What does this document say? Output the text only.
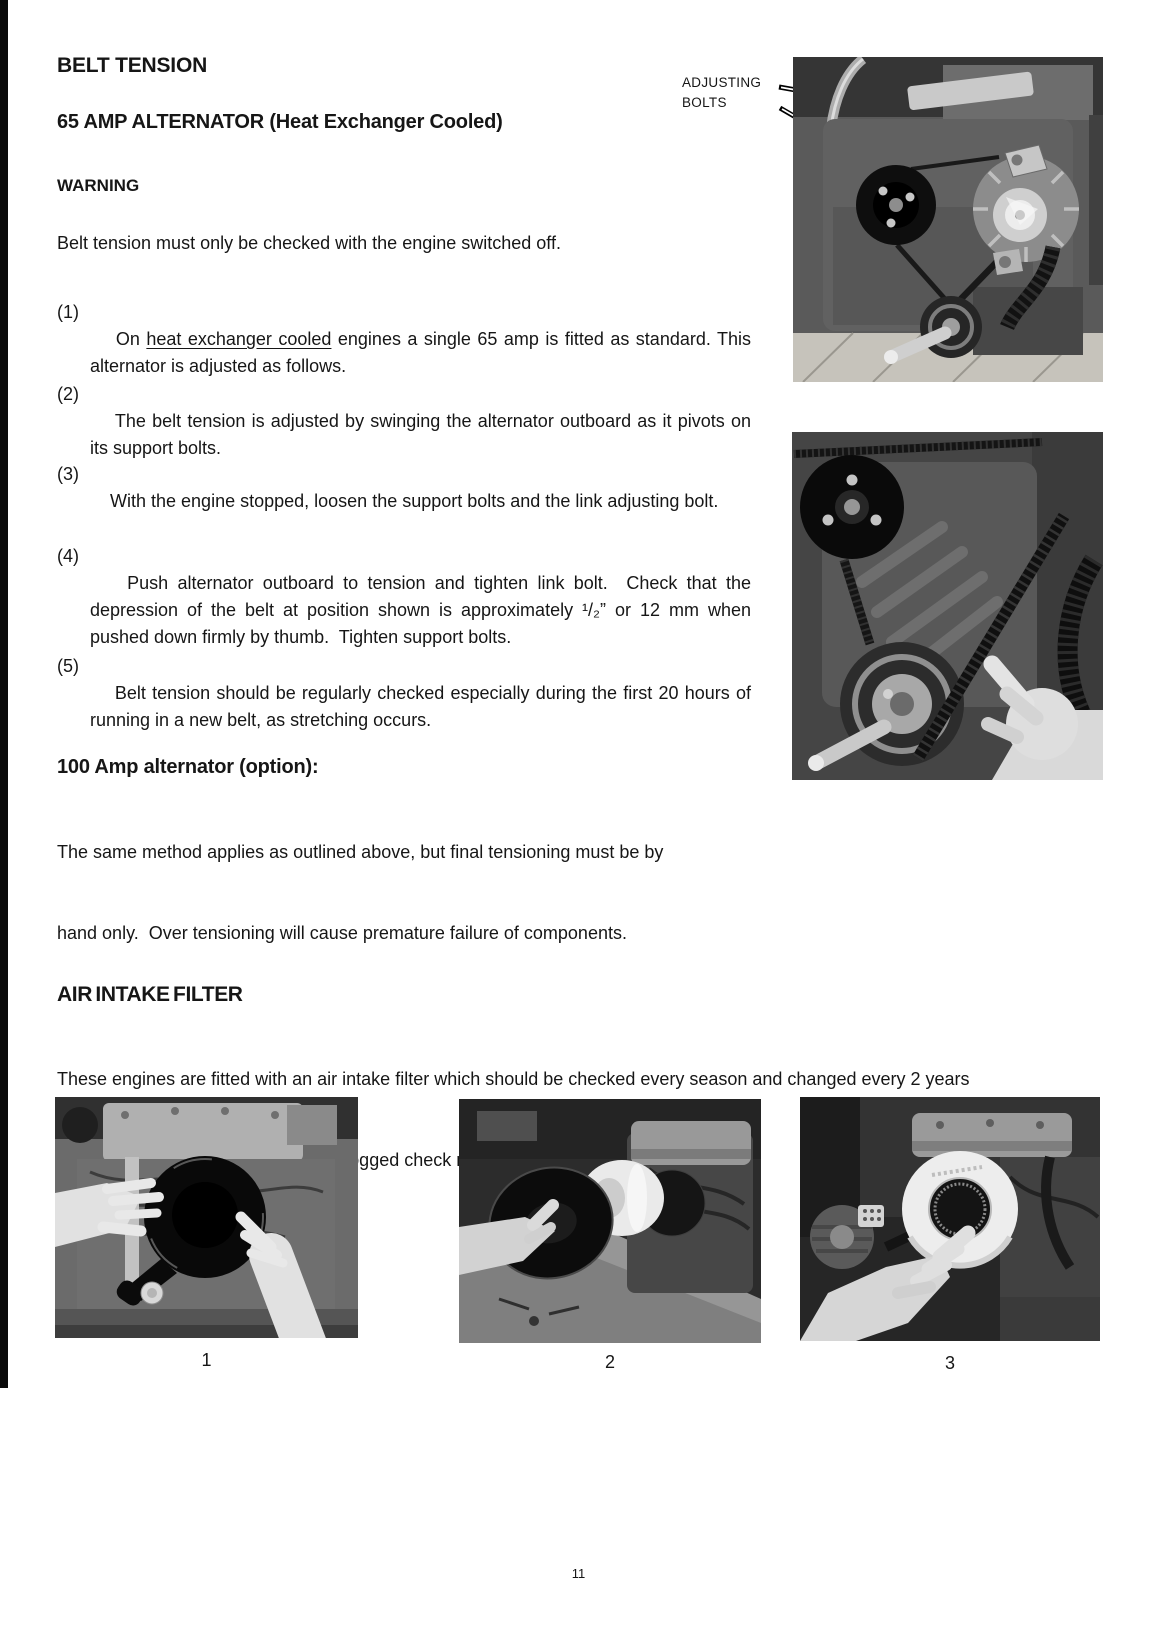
BELT TENSION
65 AMP ALTERNATOR (Heat Exchanger Cooled)
WARNING
Belt tension must only be checked with the engine switched off.

(1)
On heat exchanger cooled engines a single 65 amp is fitted as standard. This alternator is adjusted as follows.

(2)
The belt tension is adjusted by swinging the alternator outboard as it pivots on its support bolts.

(3)
With the engine stopped, loosen the support bolts and the link adjusting bolt.

(4)
Push alternator outboard to tension and tighten link bolt.  Check that the depression of the belt at position shown is approximately ¹/₂” or 12 mm when pushed down firmly by thumb.  Tighten support bolts.

(5)
Belt tension should be regularly checked especially during the first 20 hours of running in a new belt, as stretching occurs.

100 Amp alternator (option):

The same method applies as outlined above, but final tensioning must be by

hand only.  Over tensioning will cause premature failure of components.

AIR INTAKE FILTER

These engines are fitted with an air intake filter which should be checked every season and changed every 2 years

clogged check

ADJUSTING
BOLTS
1	2	3
11
